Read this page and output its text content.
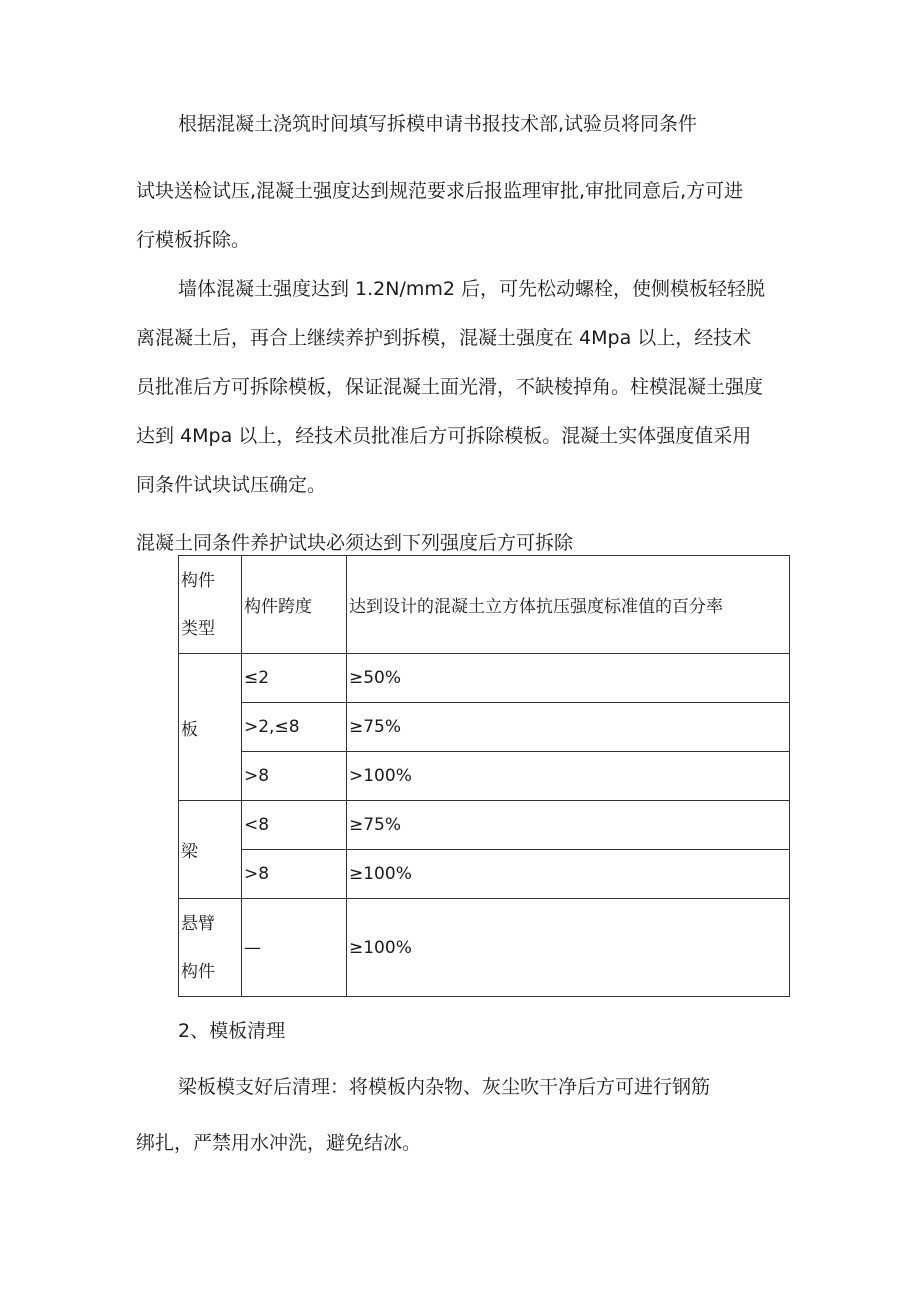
根据混凝土浇筑时间填写拆模申请书报技术部,试验员将同条件

试块送检试压,混凝土强度达到规范要求后报监理审批,审批同意后,方可进

行模板拆除。

墙体混凝土强度达到 1.2N/mm2 后，可先松动螺栓，使侧模板轻轻脱

离混凝土后，再合上继续养护到拆模，混凝土强度在 4Mpa 以上，经技术

员批准后方可拆除模板，保证混凝土面光滑，不缺棱掉角。柱模混凝土强度

达到 4Mpa 以上，经技术员批准后方可拆除模板。混凝土实体强度值采用

同条件试块试压确定。

混凝土同条件养护试块必须达到下列强度后方可拆除

构件
类型	构件跨度	达到设计的混凝土立方体抗压强度标准值的百分率
板	≤2	≥50%
	>2,≤8	≥75%
	>8	>100%
梁	<8	≥75%
	>8	≥100%
悬臂
构件	—	≥100%

2、模板清理

梁板模支好后清理：将模板内杂物、灰尘吹干净后方可进行钢筋

绑扎，严禁用水冲洗，避免结冰。
